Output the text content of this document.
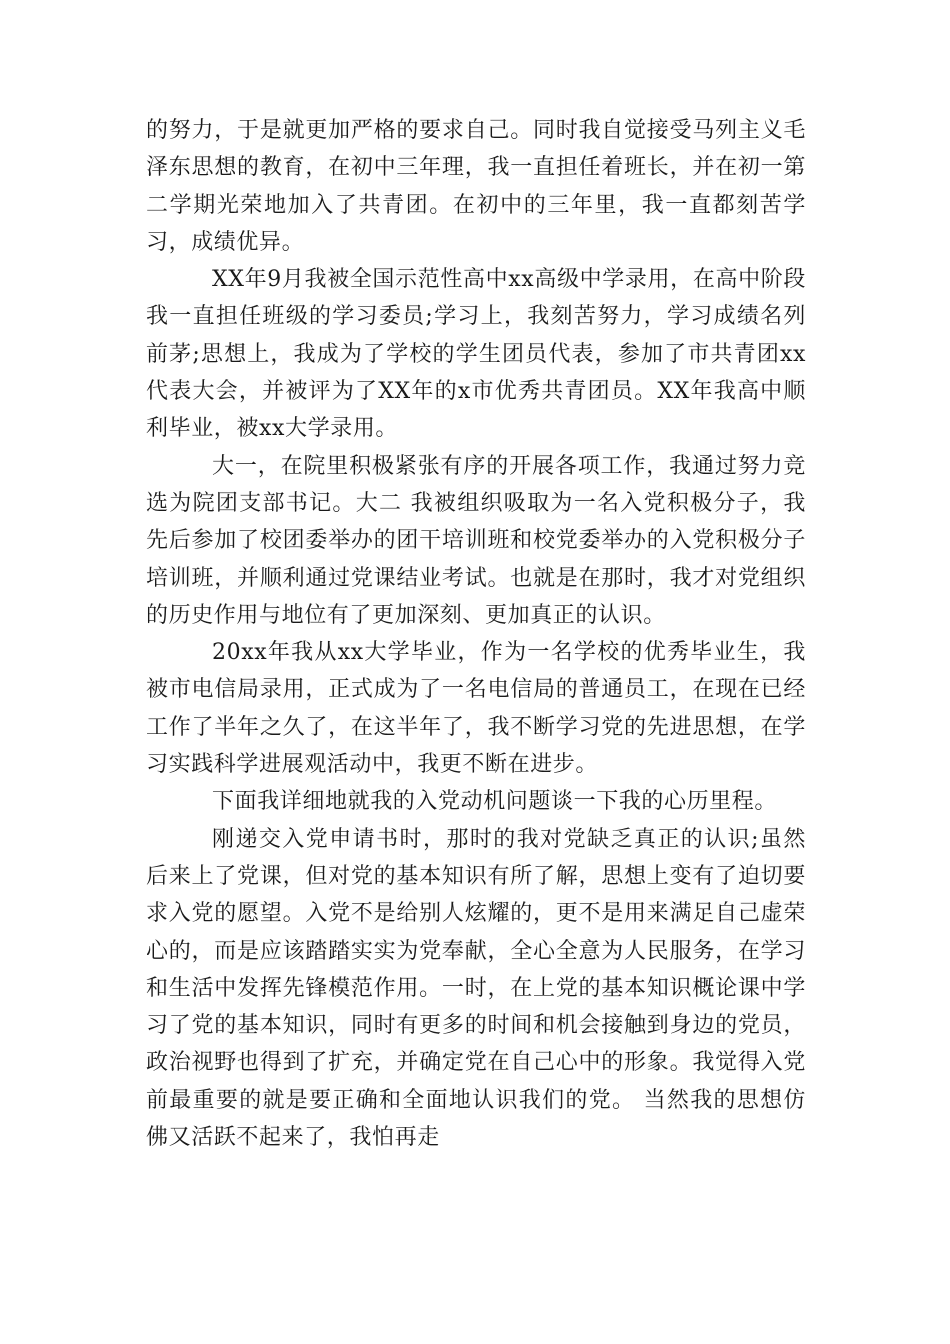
的努力，于是就更加严格的要求自己。同时我自觉接受马列主义毛泽东思想的教育，在初中三年理，我一直担任着班长，并在初一第二学期光荣地加入了共青团。在初中的三年里，我一直都刻苦学习，成绩优异。

XX年9月我被全国示范性高中xx高级中学录用，在高中阶段我一直担任班级的学习委员;学习上，我刻苦努力，学习成绩名列前茅;思想上，我成为了学校的学生团员代表，参加了市共青团xx代表大会，并被评为了XX年的x市优秀共青团员。XX年我高中顺利毕业，被xx大学录用。

大一，在院里积极紧张有序的开展各项工作，我通过努力竞选为院团支部书记。大二 我被组织吸取为一名入党积极分子，我先后参加了校团委举办的团干培训班和校党委举办的入党积极分子培训班，并顺利通过党课结业考试。也就是在那时，我才对党组织的历史作用与地位有了更加深刻、更加真正的认识。

20xx年我从xx大学毕业，作为一名学校的优秀毕业生，我被市电信局录用，正式成为了一名电信局的普通员工，在现在已经工作了半年之久了，在这半年了，我不断学习党的先进思想，在学习实践科学进展观活动中，我更不断在进步。

下面我详细地就我的入党动机问题谈一下我的心历里程。

刚递交入党申请书时，那时的我对党缺乏真正的认识;虽然后来上了党课，但对党的基本知识有所了解，思想上变有了迫切要求入党的愿望。入党不是给别人炫耀的，更不是用来满足自己虚荣心的，而是应该踏踏实实为党奉献，全心全意为人民服务，在学习和生活中发挥先锋模范作用。一时，在上党的基本知识概论课中学习了党的基本知识，同时有更多的时间和机会接触到身边的党员，政治视野也得到了扩充，并确定党在自己心中的形象。我觉得入党前最重要的就是要正确和全面地认识我们的党。 当然我的思想仿佛又活跃不起来了，我怕再走
